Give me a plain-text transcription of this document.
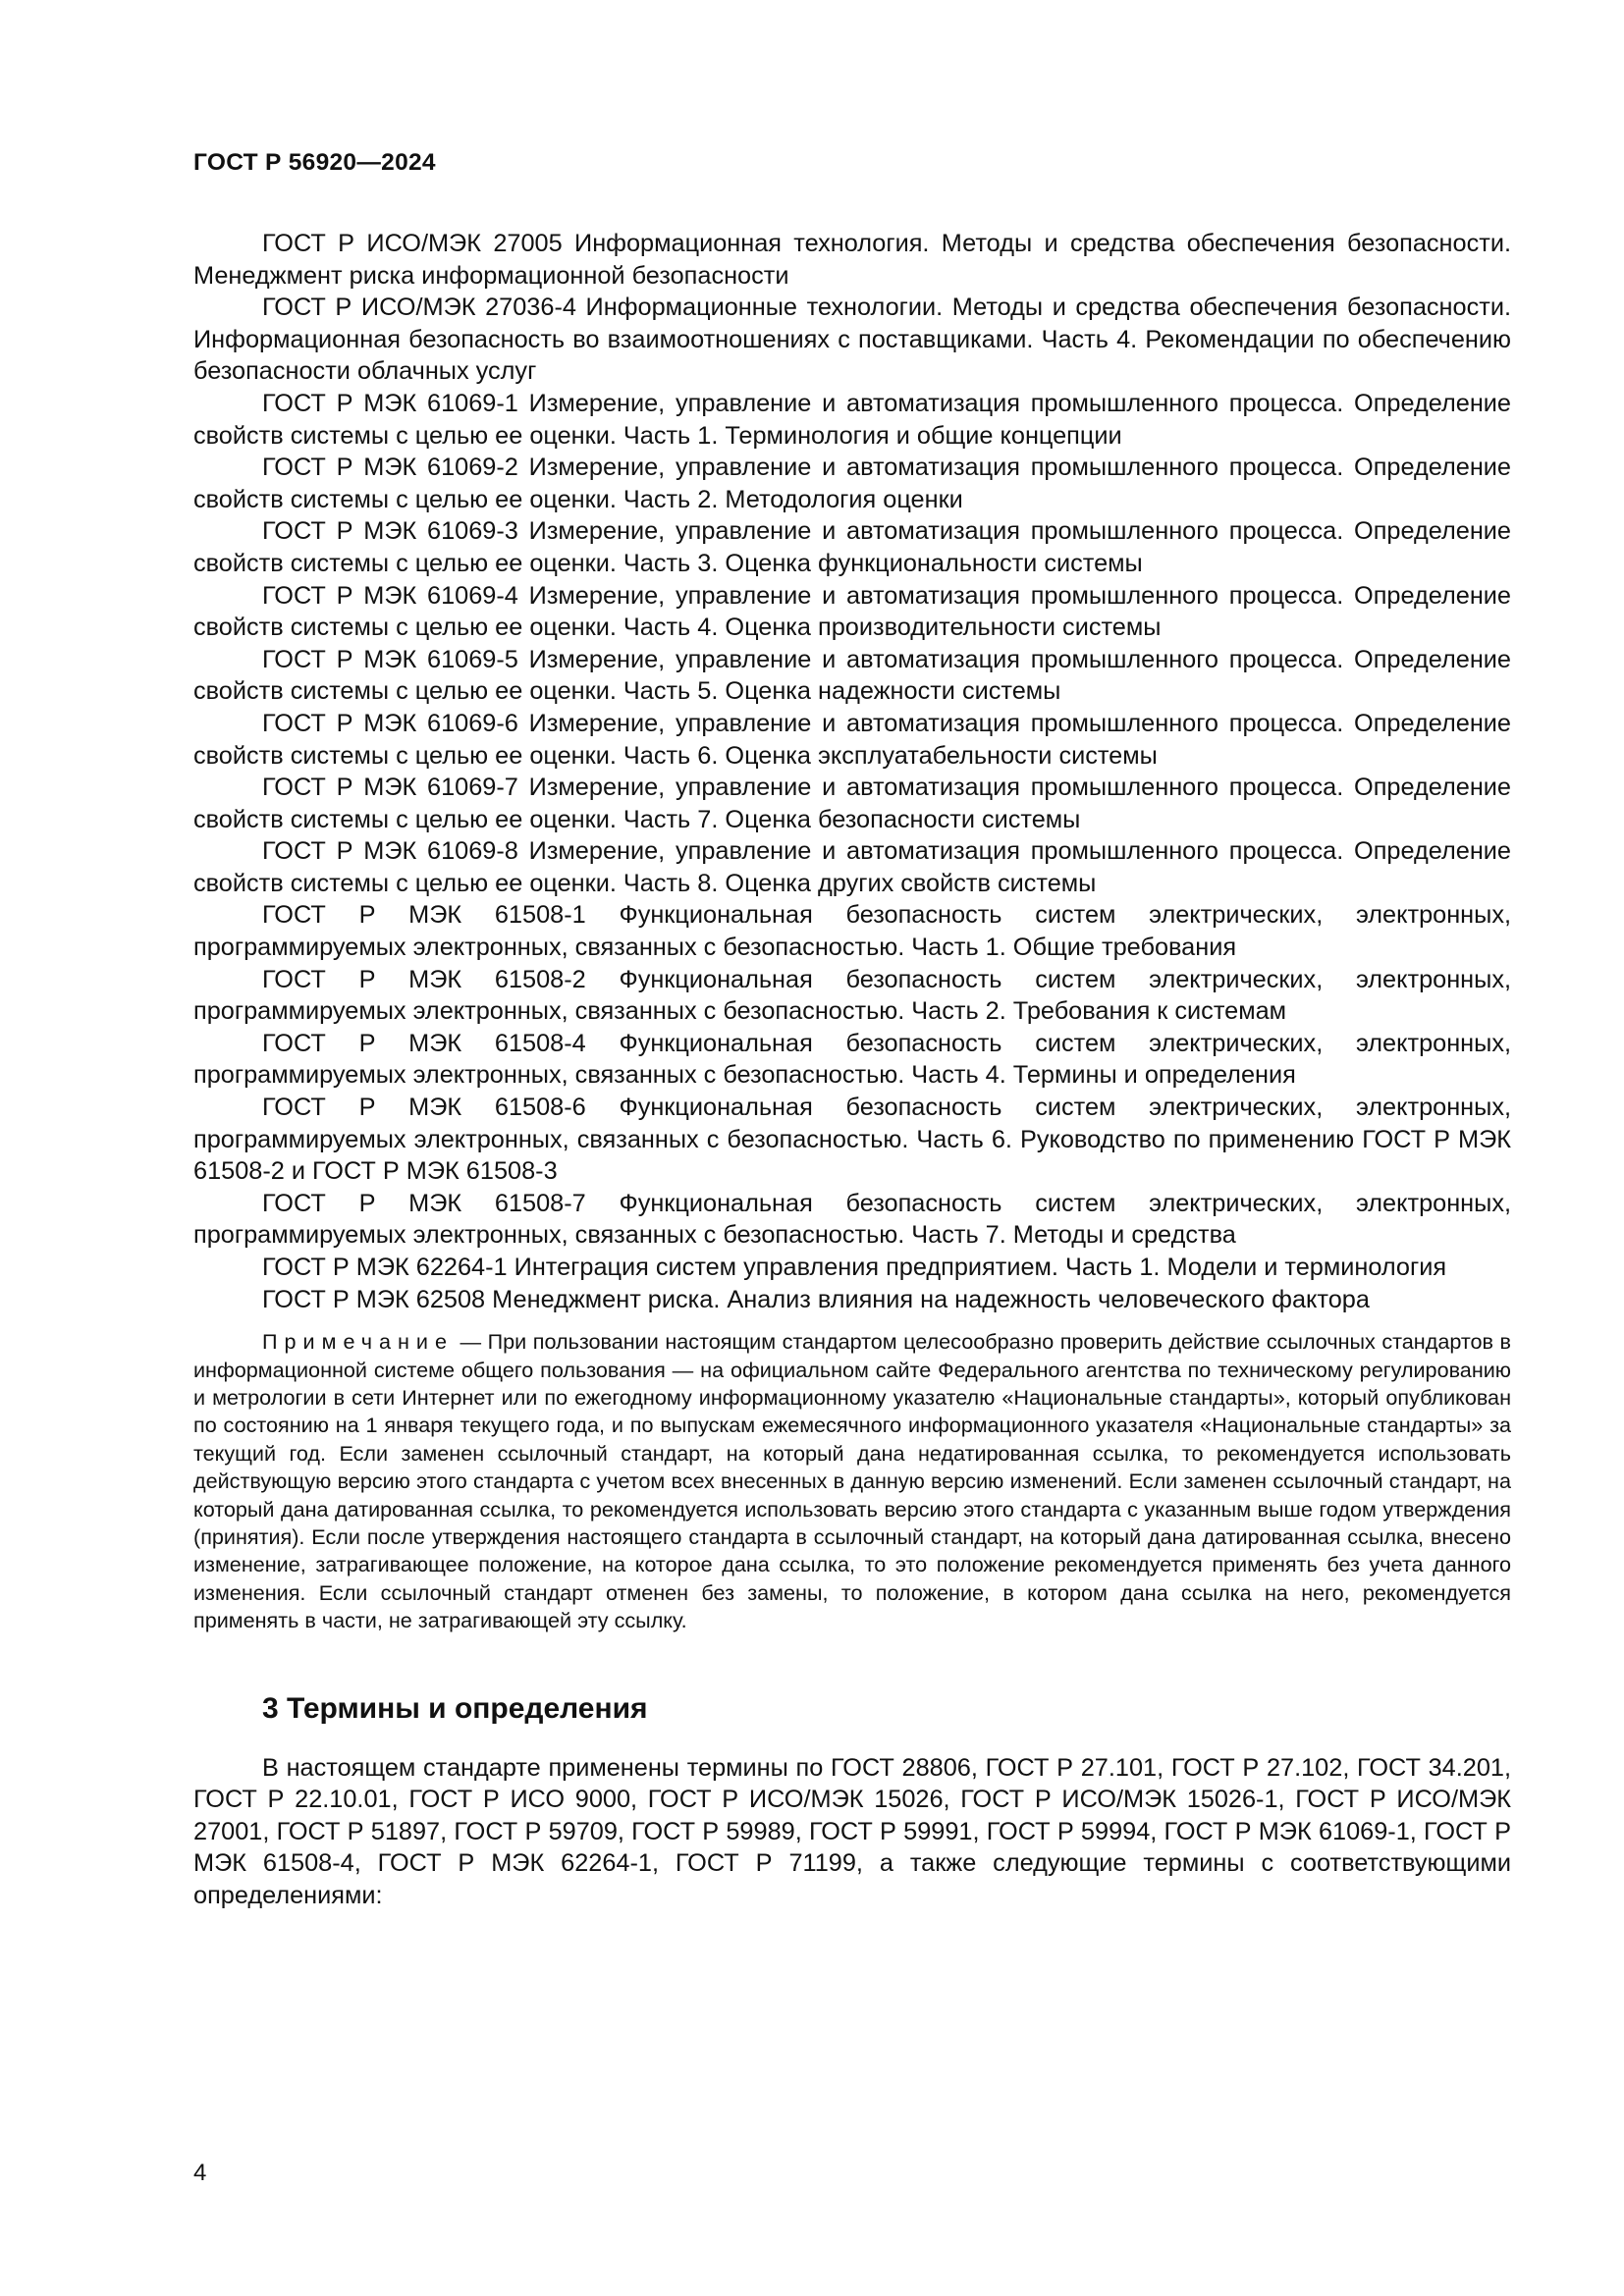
ГОСТ Р 56920—2024

ГОСТ Р ИСО/МЭК 27005 Информационная технология. Методы и средства обеспечения безопасности. Менеджмент риска информационной безопасности

ГОСТ Р ИСО/МЭК 27036-4 Информационные технологии. Методы и средства обеспечения безопасности. Информационная безопасность во взаимоотношениях с поставщиками. Часть 4. Рекомендации по обеспечению безопасности облачных услуг

ГОСТ Р МЭК 61069-1 Измерение, управление и автоматизация промышленного процесса. Определение свойств системы с целью ее оценки. Часть 1. Терминология и общие концепции

ГОСТ Р МЭК 61069-2 Измерение, управление и автоматизация промышленного процесса. Определение свойств системы с целью ее оценки. Часть 2. Методология оценки

ГОСТ Р МЭК 61069-3 Измерение, управление и автоматизация промышленного процесса. Определение свойств системы с целью ее оценки. Часть 3. Оценка функциональности системы

ГОСТ Р МЭК 61069-4 Измерение, управление и автоматизация промышленного процесса. Определение свойств системы с целью ее оценки. Часть 4. Оценка производительности системы

ГОСТ Р МЭК 61069-5 Измерение, управление и автоматизация промышленного процесса. Определение свойств системы с целью ее оценки. Часть 5. Оценка надежности системы

ГОСТ Р МЭК 61069-6 Измерение, управление и автоматизация промышленного процесса. Определение свойств системы с целью ее оценки. Часть 6. Оценка эксплуатабельности системы

ГОСТ Р МЭК 61069-7 Измерение, управление и автоматизация промышленного процесса. Определение свойств системы с целью ее оценки. Часть 7. Оценка безопасности системы

ГОСТ Р МЭК 61069-8 Измерение, управление и автоматизация промышленного процесса. Определение свойств системы с целью ее оценки. Часть 8. Оценка других свойств системы

ГОСТ Р МЭК 61508-1 Функциональная безопасность систем электрических, электронных, программируемых электронных, связанных с безопасностью. Часть 1. Общие требования

ГОСТ Р МЭК 61508-2 Функциональная безопасность систем электрических, электронных, программируемых электронных, связанных с безопасностью. Часть 2. Требования к системам

ГОСТ Р МЭК 61508-4 Функциональная безопасность систем электрических, электронных, программируемых электронных, связанных с безопасностью. Часть 4. Термины и определения

ГОСТ Р МЭК 61508-6 Функциональная безопасность систем электрических, электронных, программируемых электронных, связанных с безопасностью. Часть 6. Руководство по применению ГОСТ Р МЭК 61508-2 и ГОСТ Р МЭК 61508-3

ГОСТ Р МЭК 61508-7 Функциональная безопасность систем электрических, электронных, программируемых электронных, связанных с безопасностью. Часть 7. Методы и средства

ГОСТ Р МЭК 62264-1 Интеграция систем управления предприятием. Часть 1. Модели и терминология

ГОСТ Р МЭК 62508 Менеджмент риска. Анализ влияния на надежность человеческого фактора

Примечание — При пользовании настоящим стандартом целесообразно проверить действие ссылочных стандартов в информационной системе общего пользования — на официальном сайте Федерального агентства по техническому регулированию и метрологии в сети Интернет или по ежегодному информационному указателю «Национальные стандарты», который опубликован по состоянию на 1 января текущего года, и по выпускам ежемесячного информационного указателя «Национальные стандарты» за текущий год. Если заменен ссылочный стандарт, на который дана недатированная ссылка, то рекомендуется использовать действующую версию этого стандарта с учетом всех внесенных в данную версию изменений. Если заменен ссылочный стандарт, на который дана датированная ссылка, то рекомендуется использовать версию этого стандарта с указанным выше годом утверждения (принятия). Если после утверждения настоящего стандарта в ссылочный стандарт, на который дана датированная ссылка, внесено изменение, затрагивающее положение, на которое дана ссылка, то это положение рекомендуется применять без учета данного изменения. Если ссылочный стандарт отменен без замены, то положение, в котором дана ссылка на него, рекомендуется применять в части, не затрагивающей эту ссылку.

3 Термины и определения

В настоящем стандарте применены термины по ГОСТ 28806, ГОСТ Р 27.101, ГОСТ Р 27.102, ГОСТ 34.201, ГОСТ Р 22.10.01, ГОСТ Р ИСО 9000, ГОСТ Р ИСО/МЭК 15026, ГОСТ Р ИСО/МЭК 15026-1, ГОСТ Р ИСО/МЭК 27001, ГОСТ Р 51897, ГОСТ Р 59709, ГОСТ Р 59989, ГОСТ Р 59991, ГОСТ Р 59994, ГОСТ Р МЭК 61069-1, ГОСТ Р МЭК 61508-4, ГОСТ Р МЭК 62264-1, ГОСТ Р 71199, а также следующие термины с соответствующими определениями:

4
